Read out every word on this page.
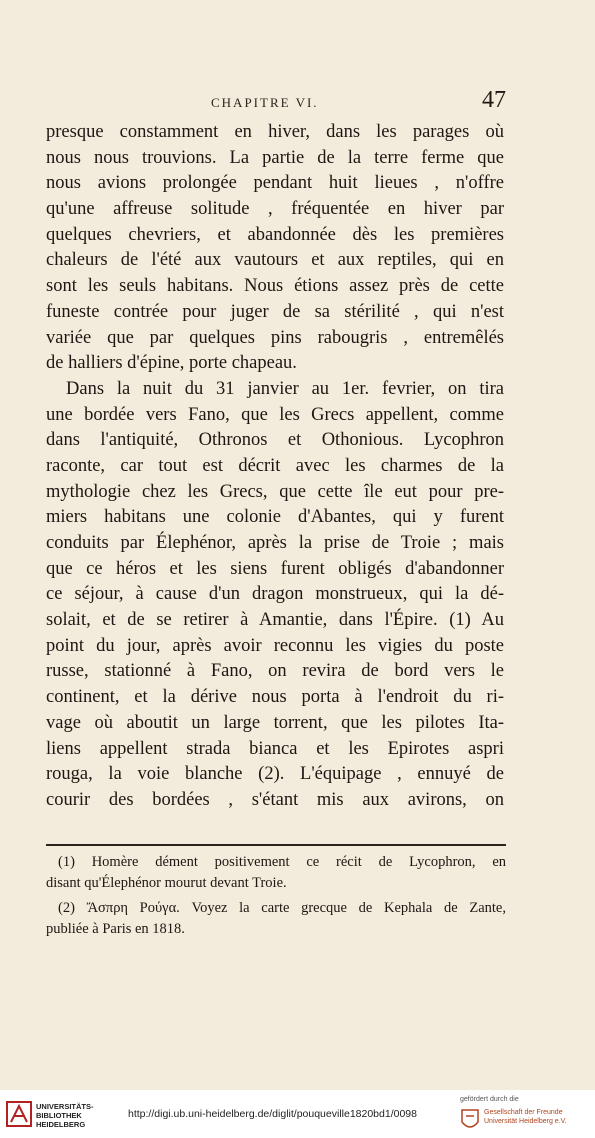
CHAPITRE VI.	47
presque constamment en hiver, dans les parages où
nous nous trouvions. La partie de la terre ferme que
nous avions prolongée pendant huit lieues , n'offre
qu'une affreuse solitude , fréquentée en hiver par
quelques chevriers, et abandonnée dès les premières
chaleurs de l'été aux vautours et aux reptiles, qui en
sont les seuls habitans. Nous étions assez près de cette
funeste contrée pour juger de sa stérilité , qui n'est
variée que par quelques pins rabougris , entremêlés
de halliers d'épine, porte chapeau.
Dans la nuit du 31 janvier au 1er. fevrier, on tira
une bordée vers Fano, que les Grecs appellent, comme
dans l'antiquité, Othronos et Othonious. Lycophron
raconte, car tout est décrit avec les charmes de la
mythologie chez les Grecs, que cette île eut pour pre-
miers habitans une colonie d'Abantes, qui y furent
conduits par Élephénor, après la prise de Troie ; mais
que ce héros et les siens furent obligés d'abandonner
ce séjour, à cause d'un dragon monstrueux, qui la dé-
solait, et de se retirer à Amantie, dans l'Épire. (1) Au
point du jour, après avoir reconnu les vigies du poste
russe, stationné à Fano, on revira de bord vers le
continent, et la dérive nous porta à l'endroit du ri-
vage où aboutit un large torrent, que les pilotes Ita-
liens appellent strada bianca et les Epirotes aspri
rouga, la voie blanche (2). L'équipage , ennuyé de
courir des bordées , s'étant mis aux avirons, on
(1) Homère dément positivement ce récit de Lycophron, en
disant qu'Élephénor mourut devant Troie.
(2) Ἄσπρη Ρούγα. Voyez la carte grecque de Kephala de Zante,
publiée à Paris en 1818.
UNIVERSITÄTS-
BIBLIOTHEK
HEIDELBERG
http://digi.ub.uni-heidelberg.de/diglit/pouqueville1820bd1/0098
gefördert durch die
Gesellschaft der Freunde
Universität Heidelberg e.V.
